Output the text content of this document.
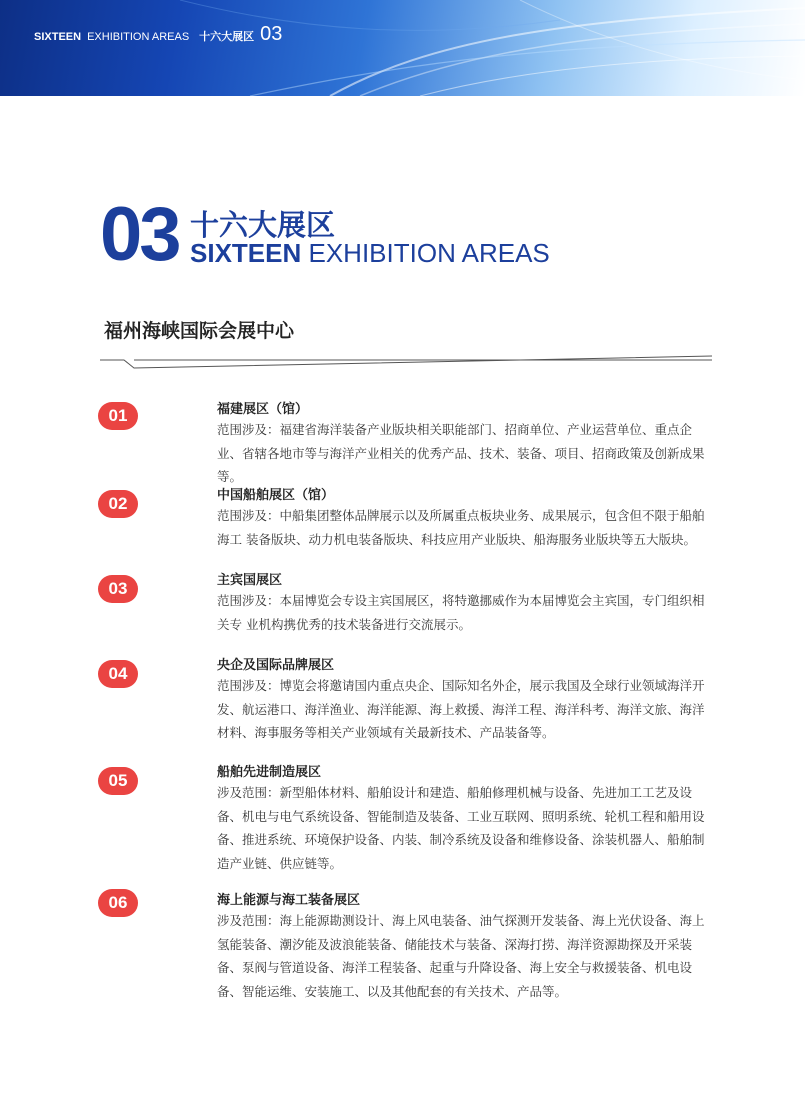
SIXTEEN EXHIBITION AREAS 十六大展区 03
03 十六大展区
SIXTEEN EXHIBITION AREAS
福州海峡国际会展中心
01	福建展区（馆）

范围涉及：福建省海洋装备产业版块相关职能部门、招商单位、产业运营单位、重点企业、省辖各地市等与海洋产业相关的优秀产品、技术、装备、项目、招商政策及创新成果等。

02	中国船舶展区（馆）

范围涉及：中船集团整体品牌展示以及所属重点板块业务、成果展示，包含但不限于船舶海工 装备版块、动力机电装备版块、科技应用产业版块、船海服务业版块等五大版块。

03	主宾国展区

范围涉及：本届博览会专设主宾国展区，将特邀挪威作为本届博览会主宾国，专门组织相关专 业机构携优秀的技术装备进行交流展示。

04	央企及国际品牌展区

范围涉及：博览会将邀请国内重点央企、国际知名外企，展示我国及全球行业领域海洋开发、航运港口、海洋渔业、海洋能源、海上救援、海洋工程、海洋科考、海洋文旅、海洋材料、海事服务等相关产业领域有关最新技术、产品装备等。

05	船舶先进制造展区

涉及范围：新型船体材料、船舶设计和建造、船舶修理机械与设备、先进加工工艺及设备、机电与电气系统设备、智能制造及装备、工业互联网、照明系统、轮机工程和船用设备、推进系统、环境保护设备、内装、制冷系统及设备和维修设备、涂装机器人、船舶制造产业链、供应链等。

06	海上能源与海工装备展区

涉及范围：海上能源勘测设计、海上风电装备、油气探测开发装备、海上光伏设备、海上氢能装备、潮汐能及波浪能装备、储能技术与装备、深海打捞、海洋资源勘探及开采装备、泵阀与管道设备、海洋工程装备、起重与升降设备、海上安全与救援装备、机电设备、智能运维、安装施工、以及其他配套的有关技术、产品等。
